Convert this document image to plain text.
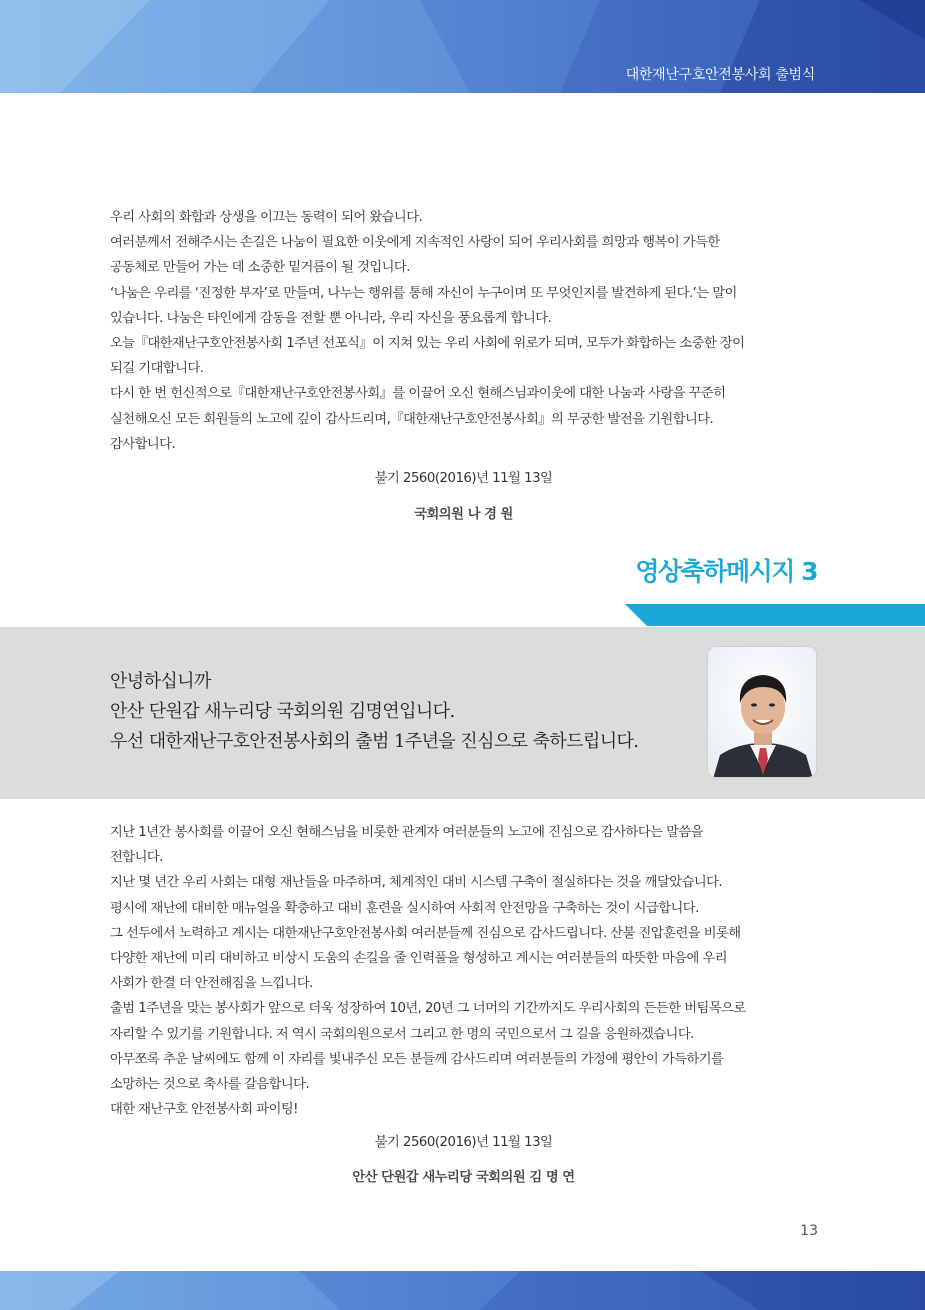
대한재난구호안전봉사회 출범식

우리 사회의 화합과 상생을 이끄는 동력이 되어 왔습니다.

여러분께서 전해주시는 손길은 나눔이 필요한 이웃에게 지속적인 사랑이 되어 우리사회를 희망과 행복이 가득한

공동체로 만들어 가는 데 소중한 밑거름이 될 것입니다.

‘나눔은 우리를 ‘진정한 부자’로 만들며, 나누는 행위를 통해 자신이 누구이며 또 무엇인지를 발견하게 된다.’는 말이

있습니다. 나눔은 타인에게 감동을 전할 뿐 아니라, 우리 자신을 풍요롭게 합니다.

오늘『대한재난구호안전봉사회 1주년 선포식』이 지쳐 있는 우리 사회에 위로가 되며, 모두가 화합하는 소중한 장이

되길 기대합니다.

다시 한 번 헌신적으로『대한재난구호안전봉사회』를 이끌어 오신 현해스님과이웃에 대한 나눔과 사랑을 꾸준히

실천해오신 모든 회원들의 노고에 깊이 감사드리며,『대한재난구호안전봉사회』의 무궁한 발전을 기원합니다.

감사합니다.

불기 2560(2016)년 11월 13일
국회의원 나 경 원
영상축하메시지 3

안녕하십니까

안산 단원갑 새누리당 국회의원 김명연입니다.

우선 대한재난구호안전봉사회의 출범 1주년을 진심으로 축하드립니다.

지난 1년간 봉사회를 이끌어 오신 현해스님을 비롯한 관계자 여러분들의 노고에 진심으로 감사하다는 말씀을

전합니다.

지난 몇 년간 우리 사회는 대형 재난들을 마주하며, 체계적인 대비 시스템 구축이 절실하다는 것을 깨달았습니다.

평시에 재난에 대비한 매뉴얼을 확충하고 대비 훈련을 실시하여 사회적 안전망을 구축하는 것이 시급합니다.

그 선두에서 노력하고 계시는 대한재난구호안전봉사회 여러분들께 진심으로 감사드립니다. 산불 진압훈련을 비롯해

다양한 재난에 미리 대비하고 비상시 도움의 손길을 줄 인력풀을 형성하고 계시는 여러분들의 따뜻한 마음에 우리

사회가 한결 더 안전해짐을 느낍니다.

출범 1주년을 맞는 봉사회가 앞으로 더욱 성장하여 10년, 20년 그 너머의 기간까지도 우리사회의 든든한 버팀목으로

자리할 수 있기를 기원합니다. 저 역시 국회의원으로서 그리고 한 명의 국민으로서 그 길을 응원하겠습니다.

아무쪼록 추운 날씨에도 함께 이 자리를 빛내주신 모든 분들께 감사드리며 여러분들의 가정에 평안이 가득하기를

소망하는 것으로 축사를 갈음합니다.

대한 재난구호 안전봉사회 파이팅!

불기 2560(2016)년 11월 13일
안산 단원갑 새누리당 국회의원 김 명 연
13
